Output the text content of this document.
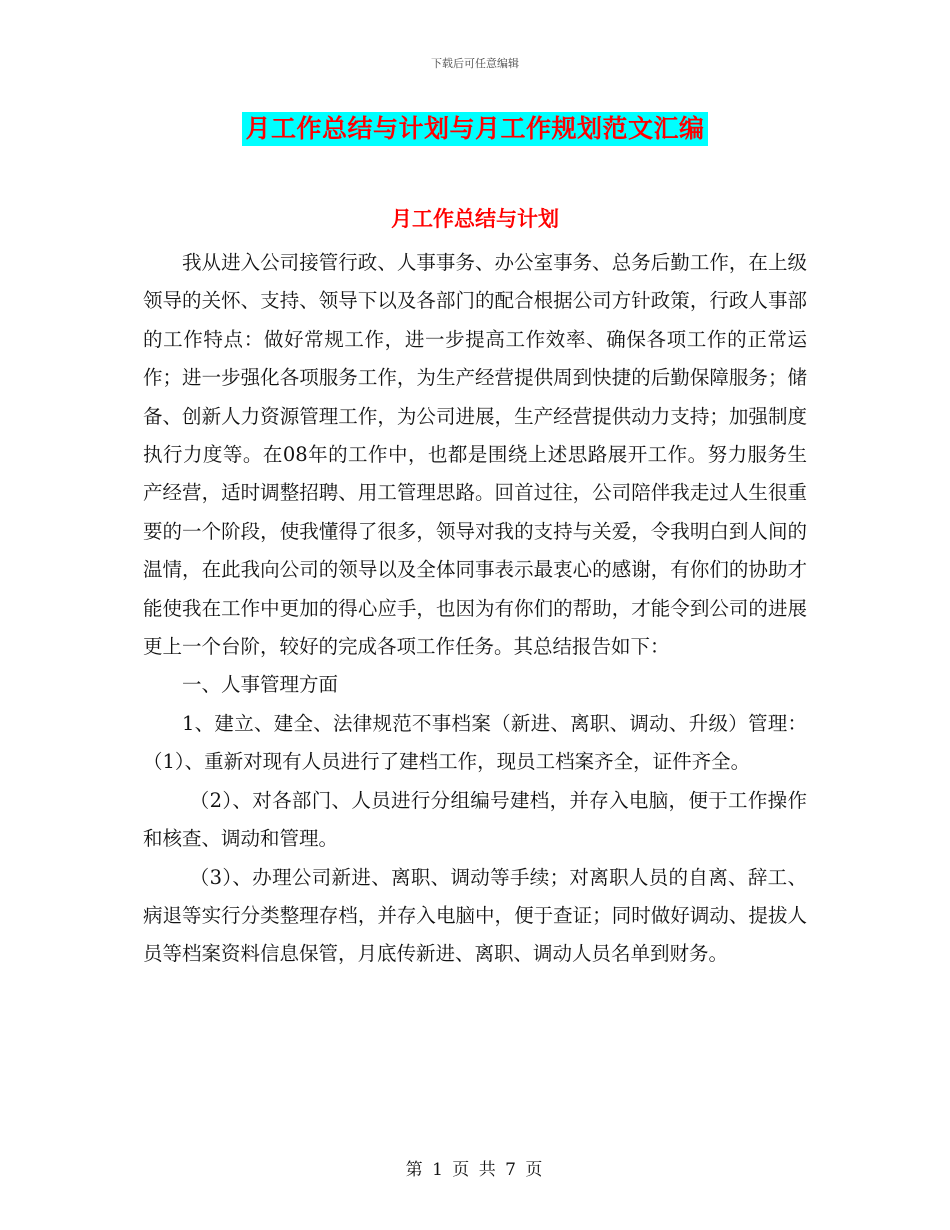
下载后可任意编辑
月工作总结与计划与月工作规划范文汇编
月工作总结与计划

我从进入公司接管行政、人事事务、办公室事务、总务后勤工作，在上级领导的关怀、支持、领导下以及各部门的配合根据公司方针政策，行政人事部的工作特点：做好常规工作，进一步提高工作效率、确保各项工作的正常运作；进一步强化各项服务工作，为生产经营提供周到快捷的后勤保障服务；储备、创新人力资源管理工作，为公司进展，生产经营提供动力支持；加强制度执行力度等。在08年的工作中，也都是围绕上述思路展开工作。努力服务生产经营，适时调整招聘、用工管理思路。回首过往，公司陪伴我走过人生很重要的一个阶段，使我懂得了很多，领导对我的支持与关爱，令我明白到人间的温情，在此我向公司的领导以及全体同事表示最衷心的感谢，有你们的协助才能使我在工作中更加的得心应手，也因为有你们的帮助，才能令到公司的进展更上一个台阶，较好的完成各项工作任务。其总结报告如下：

一、人事管理方面

1、建立、建全、法律规范不事档案（新进、离职、调动、升级）管理：（1）、重新对现有人员进行了建档工作，现员工档案齐全，证件齐全。

（2）、对各部门、人员进行分组编号建档，并存入电脑，便于工作操作和核查、调动和管理。

（3）、办理公司新进、离职、调动等手续；对离职人员的自离、辞工、病退等实行分类整理存档，并存入电脑中，便于查证；同时做好调动、提拔人员等档案资料信息保管，月底传新进、离职、调动人员名单到财务。

第 1 页 共 7 页
